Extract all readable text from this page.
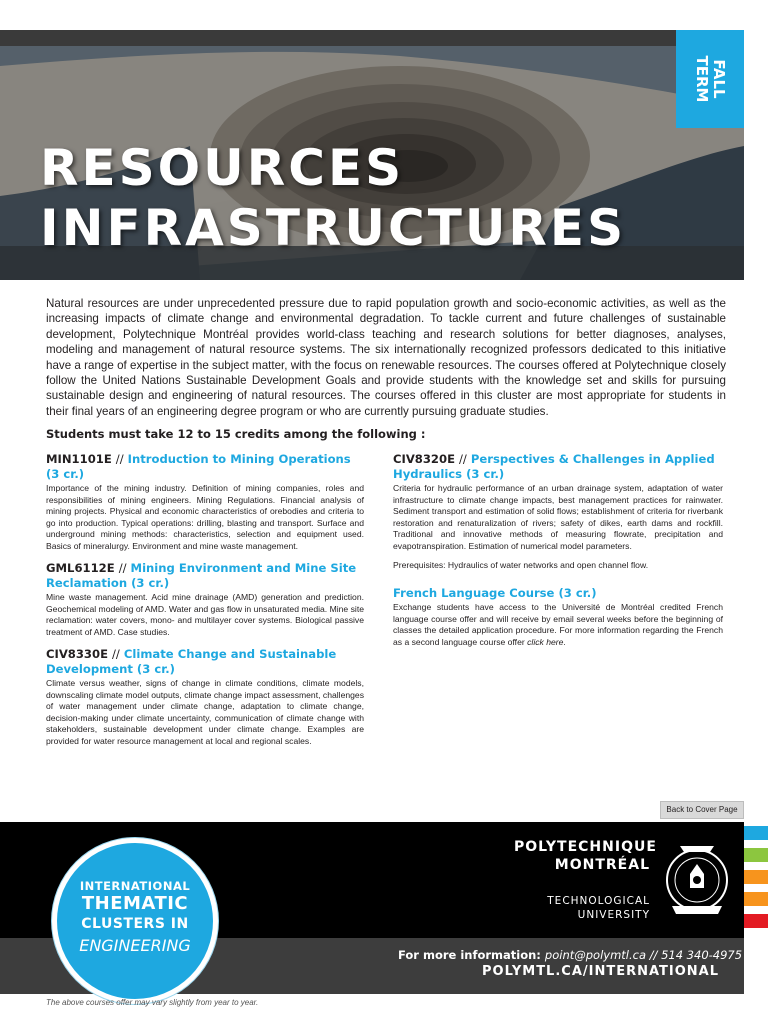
RESOURCES
INFRASTRUCTURES
FALL
TERM

Natural resources are under unprecedented pressure due to rapid population growth and socio-economic activities, as well as the increasing impacts of climate change and environmental degradation. To tackle current and future challenges of sustainable development, Polytechnique Montréal provides world-class teaching and research solutions for better diagnoses, analyses, modeling and management of natural resource systems. The six internationally recognized professors dedicated to this initiative have a range of expertise in the subject matter, with the focus on renewable resources. The courses offered at Polytechnique closely follow the United Nations Sustainable Development Goals and provide students with the knowledge set and skills for pursuing sustainable design and engineering of natural resources. The courses offered in this cluster are most appropriate for students in their final years of an engineering degree program or who are currently pursuing graduate studies.

Students must take 12 to 15 credits among the following :

MIN1101E // Introduction to Mining Operations (3 cr.)

Importance of the mining industry. Definition of mining companies, roles and responsibilities of mining engineers. Mining Regulations. Financial analysis of mining projects. Physical and economic characteristics of orebodies and criteria to go into production. Typical operations: drilling, blasting and transport. Surface and underground mining methods: characteristics, selection and equipment used. Basics of mineralurgy. Environment and mine waste management.

GML6112E // Mining Environment and Mine Site Reclamation (3 cr.)

Mine waste management. Acid mine drainage (AMD) generation and prediction. Geochemical modeling of AMD. Water and gas flow in unsaturated media. Mine site reclamation: water covers, mono- and multilayer cover systems. Biological passive treatment of AMD. Case studies.

CIV8330E // Climate Change and Sustainable Development (3 cr.)

Climate versus weather, signs of change in climate conditions, climate models, downscaling climate model outputs, climate change impact assessment, challenges of water management under climate change, adaptation to climate change, decision-making under climate uncertainty, communication of climate change with stakeholders, sustainable development under climate change. Examples are provided for water resource management at local and regional scales.

CIV8320E // Perspectives & Challenges in Applied Hydraulics (3 cr.)

Criteria for hydraulic performance of an urban drainage system, adaptation of water infrastructure to climate change impacts, best management practices for rainwater. Sediment transport and estimation of solid flows; establishment of criteria for riverbank restoration and renaturalization of rivers; safety of dikes, earth dams and rockfill. Traditional and innovative methods of measuring flowrate, precipitation and evapotranspiration. Estimation of numerical model parameters.

Prerequisites: Hydraulics of water networks and open channel flow.

French Language Course (3 cr.)

Exchange students have access to the Université de Montréal credited French language course offer and will receive by email several weeks before the beginning of classes the detailed application procedure. For more information regarding the French as a second language course offer click here.

Back to Cover Page
POLYTECHNIQUE
MONTRÉAL
TECHNOLOGICAL
UNIVERSITY
INTERNATIONAL
THEMATIC
CLUSTERS IN
ENGINEERING	For more information: point@polymtl.ca // 514 340-4975

POLYMTL.CA/INTERNATIONAL

The above courses offer may vary slightly from year to year.
